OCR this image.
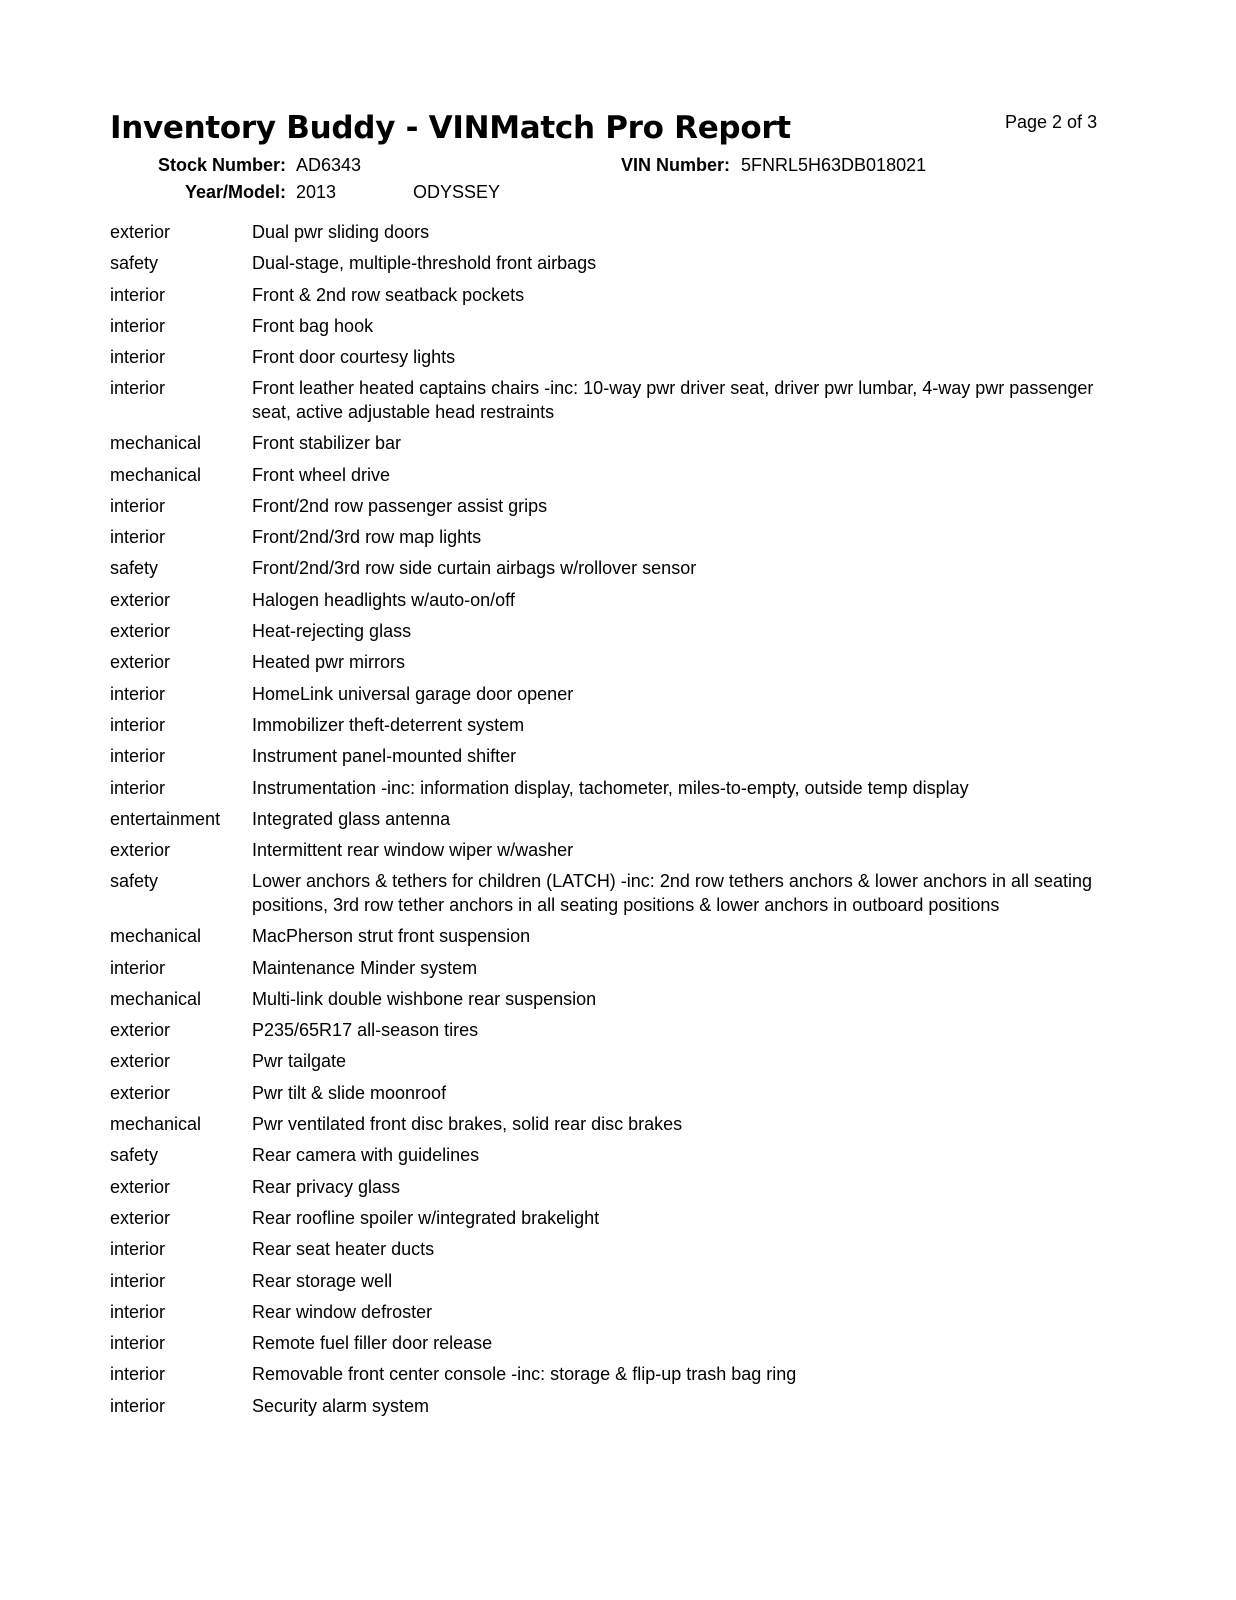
Inventory Buddy - VINMatch Pro Report	Page 2 of 3
Stock Number: AD6343	VIN Number: 5FNRL5H63DB018021
Year/Model: 2013	ODYSSEY
exterior	Dual pwr sliding doors
safety	Dual-stage, multiple-threshold front airbags
interior	Front & 2nd row seatback pockets
interior	Front bag hook
interior	Front door courtesy lights
interior	Front leather heated captains chairs -inc: 10-way pwr driver seat, driver pwr lumbar, 4-way pwr passenger seat, active adjustable head restraints
mechanical	Front stabilizer bar
mechanical	Front wheel drive
interior	Front/2nd row passenger assist grips
interior	Front/2nd/3rd row map lights
safety	Front/2nd/3rd row side curtain airbags w/rollover sensor
exterior	Halogen headlights w/auto-on/off
exterior	Heat-rejecting glass
exterior	Heated pwr mirrors
interior	HomeLink universal garage door opener
interior	Immobilizer theft-deterrent system
interior	Instrument panel-mounted shifter
interior	Instrumentation -inc: information display, tachometer, miles-to-empty, outside temp display
entertainment	Integrated glass antenna
exterior	Intermittent rear window wiper w/washer
safety	Lower anchors & tethers for children (LATCH) -inc: 2nd row tethers anchors & lower anchors in all seating positions, 3rd row tether anchors in all seating positions & lower anchors in outboard positions
mechanical	MacPherson strut front suspension
interior	Maintenance Minder system
mechanical	Multi-link double wishbone rear suspension
exterior	P235/65R17 all-season tires
exterior	Pwr tailgate
exterior	Pwr tilt & slide moonroof
mechanical	Pwr ventilated front disc brakes, solid rear disc brakes
safety	Rear camera with guidelines
exterior	Rear privacy glass
exterior	Rear roofline spoiler w/integrated brakelight
interior	Rear seat heater ducts
interior	Rear storage well
interior	Rear window defroster
interior	Remote fuel filler door release
interior	Removable front center console -inc: storage & flip-up trash bag ring
interior	Security alarm system
